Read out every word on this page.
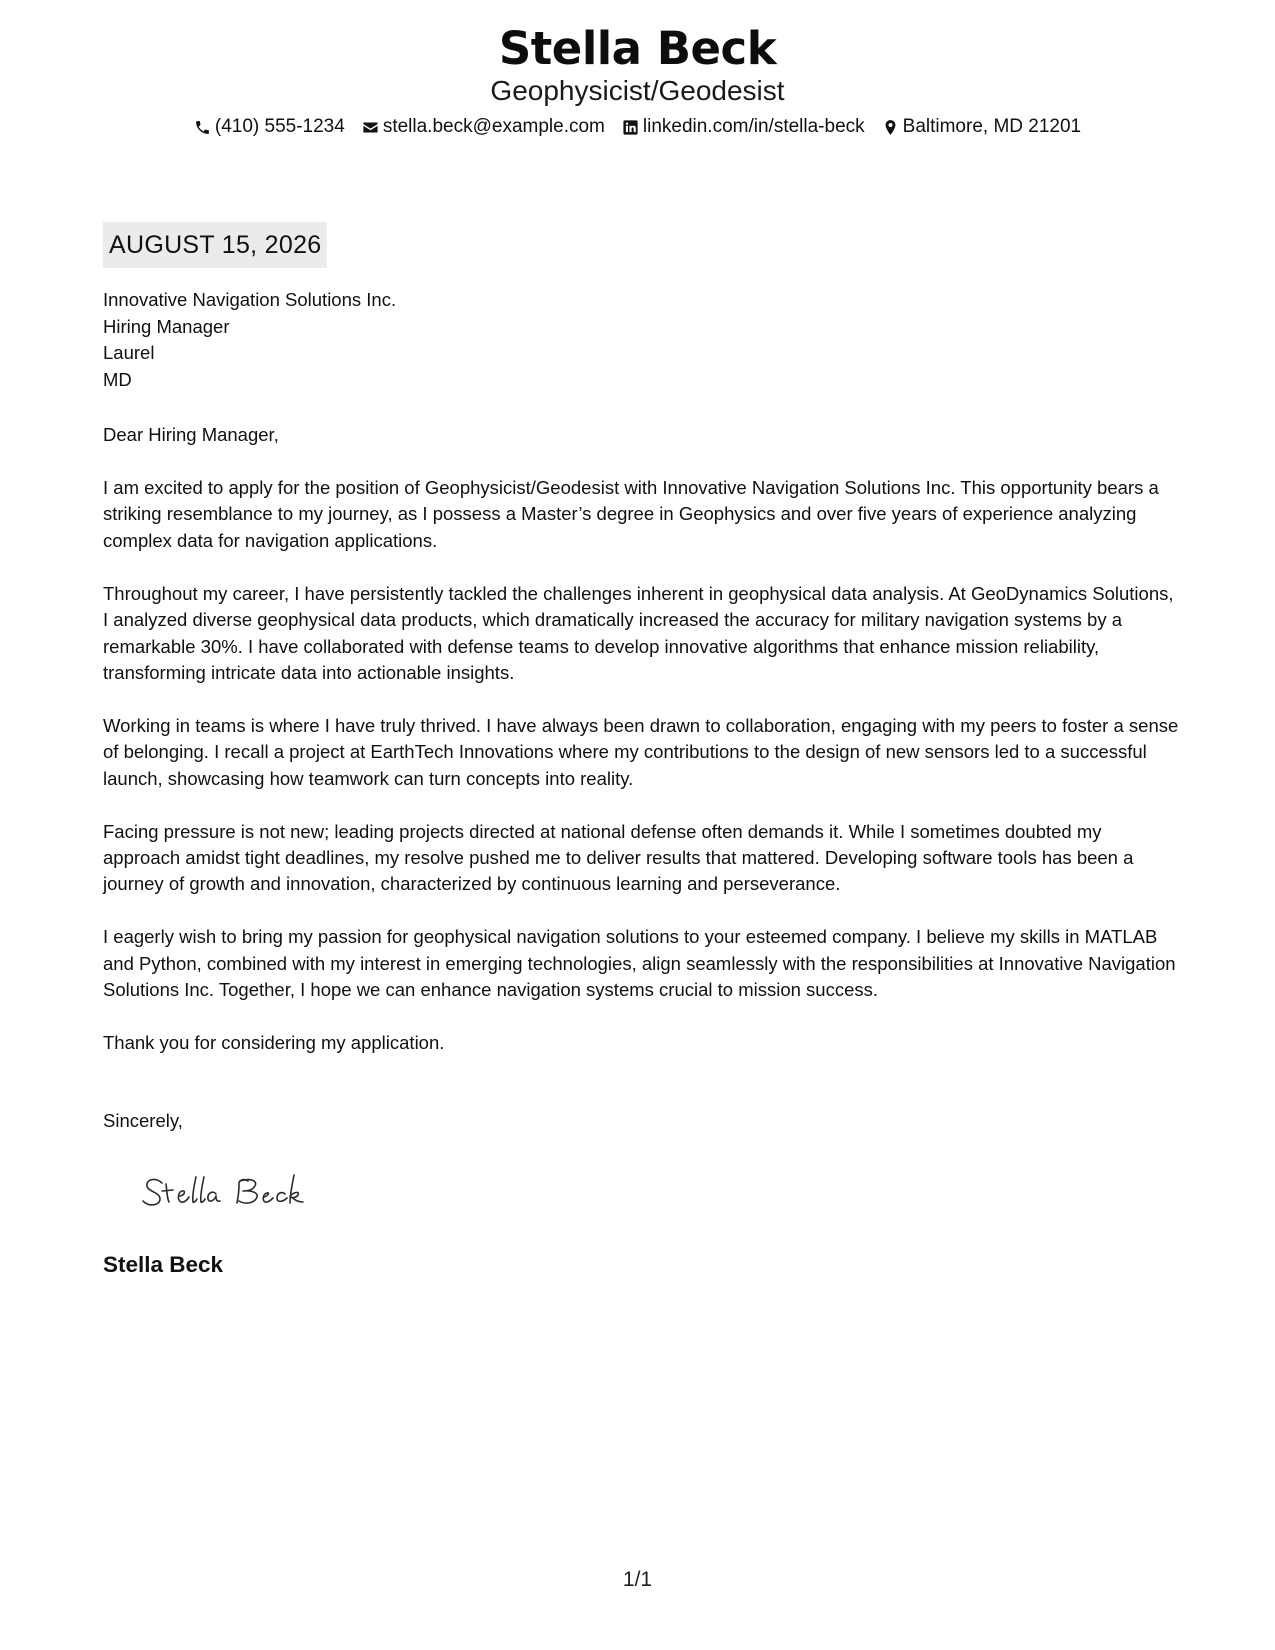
Stella Beck
Geophysicist/Geodesist
(410) 555-1234 stella.beck@example.com linkedin.com/in/stella-beck Baltimore, MD 21201
AUGUST 15, 2026
Innovative Navigation Solutions Inc.
Hiring Manager
Laurel
MD
Dear Hiring Manager,

I am excited to apply for the position of Geophysicist/Geodesist with Innovative Navigation Solutions Inc. This opportunity bears a striking resemblance to my journey, as I possess a Master’s degree in Geophysics and over five years of experience analyzing complex data for navigation applications.

Throughout my career, I have persistently tackled the challenges inherent in geophysical data analysis. At GeoDynamics Solutions, I analyzed diverse geophysical data products, which dramatically increased the accuracy for military navigation systems by a remarkable 30%. I have collaborated with defense teams to develop innovative algorithms that enhance mission reliability, transforming intricate data into actionable insights.

Working in teams is where I have truly thrived. I have always been drawn to collaboration, engaging with my peers to foster a sense of belonging. I recall a project at EarthTech Innovations where my contributions to the design of new sensors led to a successful launch, showcasing how teamwork can turn concepts into reality.

Facing pressure is not new; leading projects directed at national defense often demands it. While I sometimes doubted my approach amidst tight deadlines, my resolve pushed me to deliver results that mattered. Developing software tools has been a journey of growth and innovation, characterized by continuous learning and perseverance.

I eagerly wish to bring my passion for geophysical navigation solutions to your esteemed company. I believe my skills in MATLAB and Python, combined with my interest in emerging technologies, align seamlessly with the responsibilities at Innovative Navigation Solutions Inc. Together, I hope we can enhance navigation systems crucial to mission success.

Thank you for considering my application.

Sincerely,
Stella Beck
1/1
